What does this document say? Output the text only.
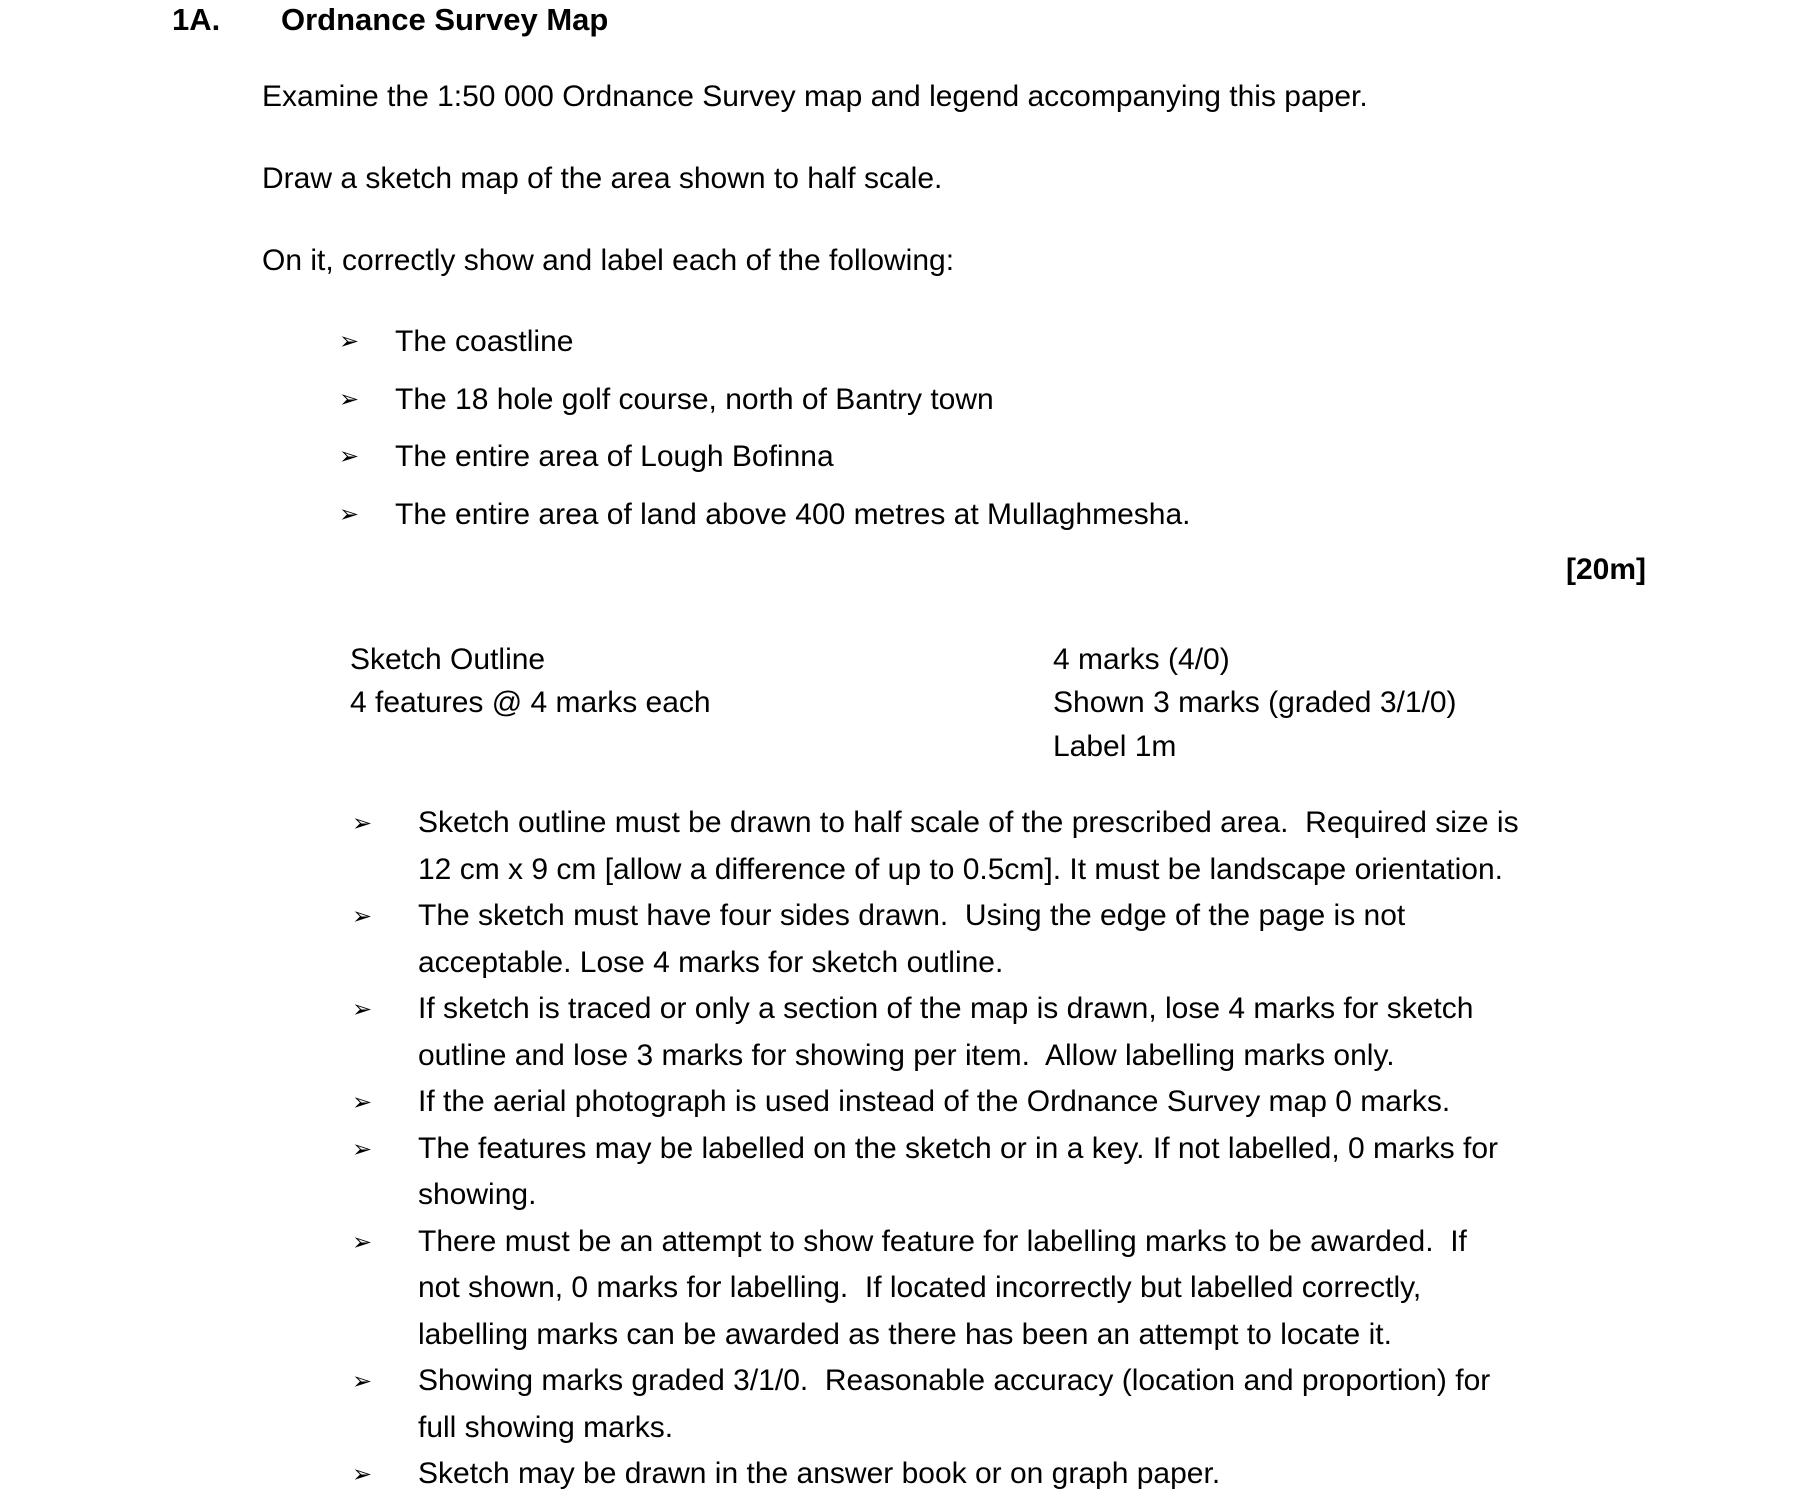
1A. Ordnance Survey Map
Examine the 1:50 000 Ordnance Survey map and legend accompanying this paper.
Draw a sketch map of the area shown to half scale.
On it, correctly show and label each of the following:
➢ The coastline
➢ The 18 hole golf course, north of Bantry town
➢ The entire area of Lough Bofinna
➢ The entire area of land above 400 metres at Mullaghmesha.
[20m]
Sketch Outline
4 features @ 4 marks each
4 marks (4/0)
Shown 3 marks (graded 3/1/0)
Label 1m
➢ Sketch outline must be drawn to half scale of the prescribed area.  Required size is
12 cm x 9 cm [allow a difference of up to 0.5cm]. It must be landscape orientation.
➢ The sketch must have four sides drawn.  Using the edge of the page is not
acceptable. Lose 4 marks for sketch outline.
➢ If sketch is traced or only a section of the map is drawn, lose 4 marks for sketch
outline and lose 3 marks for showing per item.  Allow labelling marks only.
➢ If the aerial photograph is used instead of the Ordnance Survey map 0 marks.
➢ The features may be labelled on the sketch or in a key. If not labelled, 0 marks for
showing.
➢ There must be an attempt to show feature for labelling marks to be awarded.  If
not shown, 0 marks for labelling.  If located incorrectly but labelled correctly,
labelling marks can be awarded as there has been an attempt to locate it.
➢ Showing marks graded 3/1/0.  Reasonable accuracy (location and proportion) for
full showing marks.
➢ Sketch may be drawn in the answer book or on graph paper.
